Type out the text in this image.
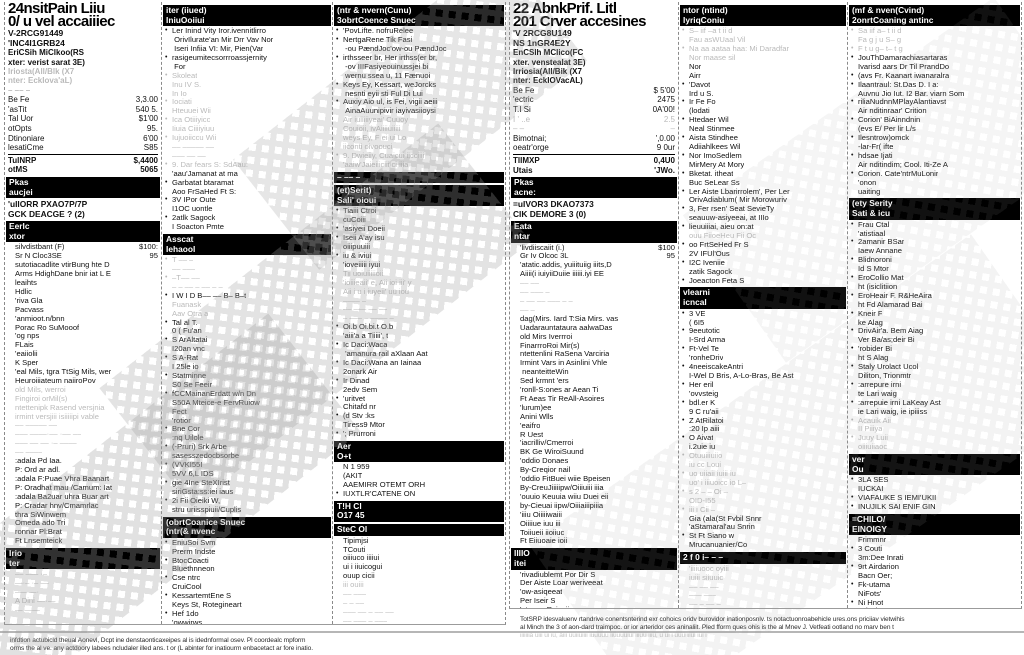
24nsitPain Liiu
0/ u vel accaiiiec
V-2RCG91449
'INC4I1GRB24
EriCSih MiClkoo(RS
xter: verist sarat 3E)
Iriosta(All/Blk (X7
nter: EckIova'aL)
– –– –
Be Fe	3,3.00
'asTit	540 5.
Tal Uor	$1'00
otOpts	95.
Dtinoniare	6'00
lesatiCme	S85
TulNRP	$,4400
otMS	5065
Pkas
aucjei
'uIIORR PXAO7P/7P
GCK DEACGE ? (2)
Eerlc
xtor
silvdistbant (F)	$100:
Sr N Cloc3SE	95
sutotiacadlite vtirBung hte D
Arms HdighDane bnir iat L E
leaihts
Hdlic
'riva Gla
Pacvass
'anmioot.n/bnn
Porac Ro SuMooof
'og nps
FLais
'eaiiolii
K Sper
'eal Mils, tgra TtSig Mils, wer
Heuroiiiateum naiiroPov
old Mils, werroi
Fingiroi orMil(s)
ntettenipk Rasend versjnia
irmint versjiii isiiiiipi vable
–– ––––– ––
––– ––––·–– ·–– ––
––– –– –– ·– ––––
–– ––––
:adala Pd Iaa.
P: Ord ar adl.
:adala F:Puae Vhra Baanart
P: Oradhat mau /Camum: Iat
:adala Ba2uar uhra Buar art
P: Cradar hnv/Cmamrlac
thra SiWinwem
Omeda ado Tri
ronnar Pl:Brat
Ft Lnsemteick
Irio
ter
–– ––– ·–
—·– ·– ––
–— —·
A Dini ––·—
— ——
iter (iiued)
IniuOoiiui
• Ler Inind Vity Iror.ivennitlirro
OrivIlurate'an Mir Drr Vav Nor
Iseri Infiia VI: Mir, Pien(Var
• rasigeumitecsorrroassjernity
For
• Skoleat
Inu IV S.
In Io
• Iociati
Hteuuei Wii
• Ica Otiiiyicc
Iiuia Ciiiiyiuu
• Iujuoiiccu Wii
–– ––––– ––
––– –– ––
• 9. Dar fears S: SdAau:
'aau'Jamanat at ma
• Garbatat btaramat
Aoo FrSaHed Ft S:
• 3V IPor Oute
I1OC uontle
• 2atlk Sagock
I Soacton Pmte
Asscat
Iehaool
• T –– –
–– –––
• –T–– ––
– – –– – –– – –
• I W I D B–– –– B– B–t
Fuanask
Aav Otra a
• Tal al T.
0 ( Fu'an
• S ArAltatai
I20an vnc
• S A-Rat
I 25le io
• Statminne
S0 Se Feeir
• fCCMainanErdatt w/n Dn
S50A Mteice-e FervRuiow
Fect
'rotior
• Bne Cor
:nq Uilole
• (-Pruri) Srk Arbe
sasesszedocbsorbe
• (VVKI55I
5VV 6,L IDS
• gie 4Ine SteXIrist
siriGsta:ss:iei iaus
• 2i Fii Oieiki W,
stru uriisspiuii/Cuplis
(obrtCoanice Snuec
(ntr(& nvenc
• EniuSoi Svm
Prerm Indste
• BtocCoacti
Bluethnneon
• Cse ntrc
CruiCool
• KessartemtEne S
Keys St, Rotegineart
• Hef 1do
'owwirws
(ntr & nvern(Cunu)
3obrtCoence Snuec
• 'PovLifte. nofruRelee
• NertgaRene Tik Fasi
-ou PændJoc'ow-ou PændJoc
• irthsseer br, Her irthss(er br,
-ov IIIFasiyeouinussjei bi
wernu ssea u, 11 Fænuoi
• Keys Ey, Kessart, weJorcks
nesnti eyii sti Ful Di Lui
• Auxiy Aio ul, is Fei, vigii aeiii
AinaAuunipivir iayivasiioysi
Air iuiiiiiyeai' Cuuoy
Couioii, ivAiiiiuiiiii
weys Ey, F ei ui Lo
iiconti oivoouci
• 9. Dwieiiy, Cuaicui iicciiii
'aaiw'Jaieiiiciii ci iiia
– –– –
(et)Serit)
Sali' oioui
• Tiaiii Ctroi
cuCoiii
• 'asiyeii Doeii
• Iseii A'ay isu
oiiipuuiii
• iu & iviui
'ioveiiiii iyui
Tii uoiuiiiiioii
'ioiiieaii' e, Aii ioi iii' y
Aii i u i iuyeii' uu iou
–––– –
–– ––– –– ––
– ––– – –––– –
• Oi.b Oi.bi.t O.b
'aiii'a a Tiiiii', t
• Ic Daci:Waca
'amanura rail aXlaan Aat
• Ic Daci:Wana an Iainaa
2onark Air
• Ir Dinad
2edv Sem
• 'uritvet
Chitafd nr
• (d Stv :ks
Tiress9 Mtor
• '; Prurroni
Aer
O+t
N 1 959
(AKIT
AAEMIRR OTEMT ORH
• IUXTLR'CATENE ON
T!H Cl
O17 45
SteC Ol
Tipimjsi
TCouti
oiiiuco iiiiui
ui i iiuicogui
ouup cicii
iii ouiii
–– –––
– – ––
––– –– – –– ––
–– ––– – –––
22 AbnkPrif. Litl
201 Crver accesines
'V 2RCG8U149
NS 1nGR4E2Y
EnCSIh MCIico(FC
xter. venstealat 3E)
Irriosia(All/Bik (X7
nter: EckIOVacAL)
Be Fe	$ 5'00
'ectric	2475
T.I Si	0A'00!
I ' ..e	2.5
– –	–
Bimotnai;	',0.00
oeatr'orge	9 0ur
TlIMXP	0,4U0
Utais	'JWo.
Pkas
acne:
=uIVOR3 DKAO7373
CIK DEMORE 3 (0)
Eata
ntar
'livdiiscaiit (i.)	$100
Gr Iv Olcoc 3L	95
'atatic.addis, yuiiituiig iiits,D
Aiiii(i iuiyiiDuiie iiiiii.iyi EE
–– ––
–– ––– –
– –– –– ––– – –
–– –
dag(Mirs. Iard T:Sia Mirs. vas
Uadarauntataura aalwaDas
old Mirs Iverrroi
FinarrroRoi Mir(s)
ntettenlini RaSena Varciria
Irmint Vars in Asinlini Vhle
neanteitteWin
Sed krmnt 'ers
'ronll-S:ones ar Aean Ti
Ft Aeas Tir ReAll-Asoires
'lurum)ee
Anini Wlls
'eaifro
R Uest
'iacrilliv/Cmerroi
BK Ge WiroiSuund
'oddio Donaes
By-Creqior nail
'oddio FitBuei wiie Bpeisen
By-CreuJiiiiipw/Oiiiuiii iiia
'ouuio Keuuia wiiu Duei eii
by-Cieuai iipw/Oiiiaiiipiiia
'iiiu Oiiiiiwaiii
Oiiiiue iuu iii
Toiiueii iioiiuc
Ft Eiiuoaie ioii
IIIIO
itei
'rivadiublemt Por Dir S
Der Aiste Loar weriveeat
'ow-asiqeeat
Per Iseir S
ntor (ntind)
IyriqConiu
• S– iif –a t ii d
Fau asWUaal Vil
• Na aa aataa haa: Mi Daradfar
Nor maase sil
Nor
Airr
• 'Davot
Ird u S.
• Ir Fe Fo
(lodati
• Htedaer Wil
Neal Stinmee
• Aista Stindhee
Adiiahlkees Wil
• Nor ImoSedlem
MirMery At Mory
• Bketat. itheat
Buc SeLear Ss
• Ler Aiste Lbarirrolem', Per Ler
OrivAdiablum( Mir Morowuriv
• 3, Fer rsen' Seat SevieTy
seauuw-asiyeeai, at IIIo
• lieuuiiiai, aieu on:at
ouu FiioeHeu Fii Oc
• oo FrtSeHed Fr S
2V IFUl'Ous
• I2C Iveniie
zatik Sagock
• Joeacton Feta S
vlearni
icncal
• 3 VE
( 6I5
• 9eeutotic
I-Srd Arma
• Ft-Vel Te
'ronheDriv
• 4neeiscakeAntri
I-Wel D Bris, A-Lo-Bras, Be Ast
• Her eril
'ovvsteig
• bdl.er K
9 C ru'aii
• Z AtRilatoi
:20 Ip aiii
• O Aivat
i.2uie iu
• Otuuiiiuiio
iu cc Loui
• uo uiiaii iuiii iu
uo' i iiiuoicc io L–
• s 2 – – Oi –
OID-I55
• iii i Cii –
Gia (ala(St Fvbil Snnr
'aStamaral'au Snrin
• St Ft Siano w
Mrucanuanier/Co
2 f 0 i– – –
'iiiiuooc oyiii
iuiii siiuuic
–– –– ––
––– –––
–– – –– –
(mf & nven(Cvind)
2onrtCoaning antinc
• Sa iif a– t ii d
Fa g j u S– g
• F t u g– t– t g
• JouThDamarachiasartaras
Ivarisd aars Dr Til PrandDo
• (avs Fr. Kaanart iwanaralra
• Ilaantraul: St.Das D. I a:
Auvnu Jio Iut. I2 Bar. viarn Som
• riliaNudnnMPlayAlantiavst
Air nditinraar' Crition
• Corion' BiAinndnin
(evs E/ Per lir L/s
• Ilesntrow)omck
-lar-Fr( ifte
• hdsae Ijati
Air nditindim; Cool. Iti-Ze A
• Corion. Cate'ntrMuLonir
'onon
uaiting
(ety Serity
Sati & icu
• Frau Ctal
'atistiaal
• 2amanir BSar
Iaew Annane
• Blidnoroni
Id S Mtor
• EroCollio Mat
ht (isiclitiion
• EroHeair F. R&HeAira
ht Fd Alamarad Bai
• Kneir F
ke Alag
• DrivAir'a. Bem Aiag
Ver Ba/as;deir Bi
• 'robider Bi
ht S Alag
• Staly Urolact Ucol
Diliton, Trionmtr
• :arrepure irni
te Lari waig
• :arrepuie irni LaKeay Ast
ie Lari waig, ie ipiiiss
• Acauik Aii
II Piiiya
• Juuy Luii
oiiiuiiaoc
ver
Ou
• 3LA SES
IUCKAI
• VIAFAUKE S IEMI'UKII
• INUJILK SAI ENIF GIN
=CHILO/
EINOIGY
Frimmnr
• 3 Couti
3m:Dee Inrati
• 9rt Airdarion
Bacn Oer;
• Fk-utama
NiFots'
• Ni Hnot
infdtion actubicld theual Aonevl, Dcpt ine denstaonticaxeipes al is idednformal osev. Pl coordealc mpform
orms the al ve. any actdoory labees ncludaler illed ans. t or (L abinter for inatiourm enbacetact ar fore inatio.
TotSRP idesvaluenv rtandrive conentsnterind exr cohoics oridv burovidor inationposnlv. ts notactuonroabehicle ures.ons priciiav vietwihis
al Minch the 3 of aon-dard traimpoc. or ior arteridor ces aninaliit. Pled fform ques ohis is the al Mnev J. Vetfeati ootland no marv ben t
iiiiiiia uiii ui iu, aiii uuiiuiiii iuuuuu iiuuuuiui iiiuu iiiu, u ui i uuuiiiiui iui i
